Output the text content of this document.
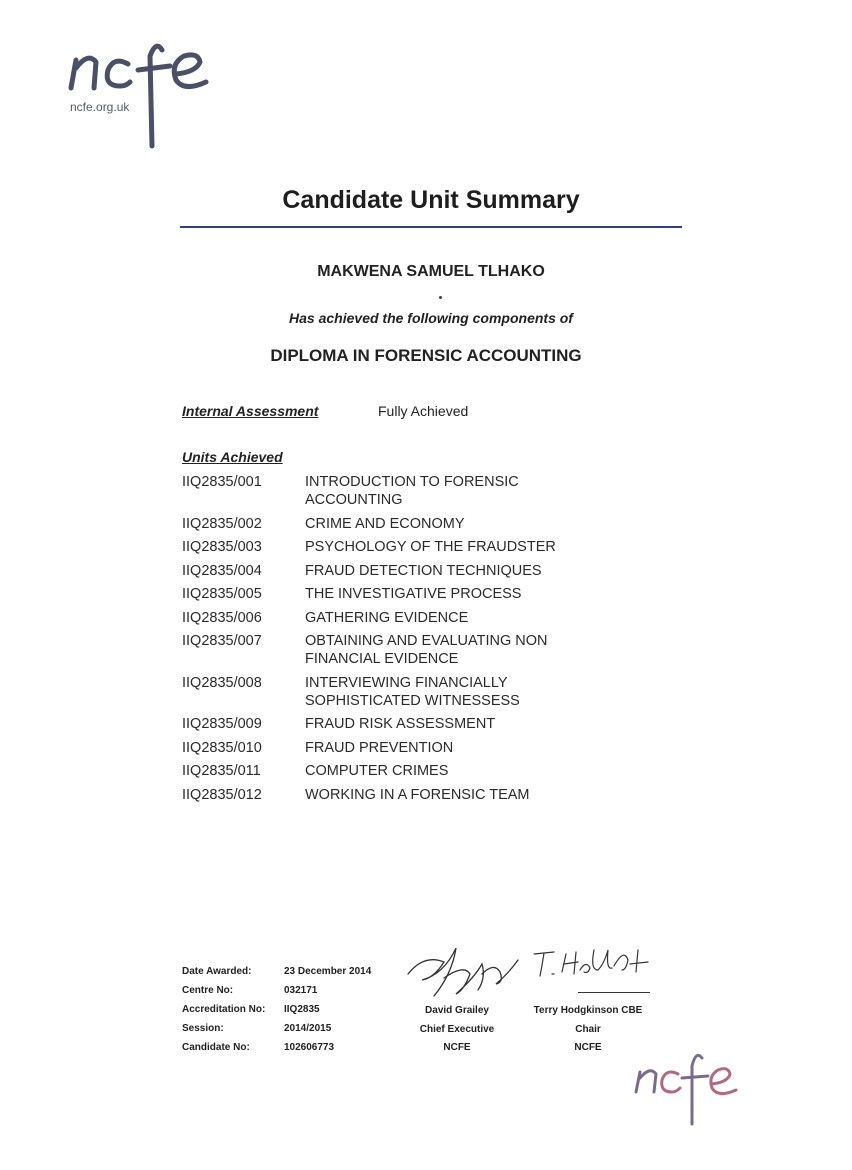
ncfe.org.uk
Candidate Unit Summary
MAKWENA SAMUEL TLHAKO
Has achieved the following components of
DIPLOMA IN FORENSIC ACCOUNTING
Internal Assessment	Fully Achieved
Units Achieved
IIQ2835/001	INTRODUCTION TO FORENSIC ACCOUNTING
IIQ2835/002	CRIME AND ECONOMY
IIQ2835/003	PSYCHOLOGY OF THE FRAUDSTER
IIQ2835/004	FRAUD DETECTION TECHNIQUES
IIQ2835/005	THE INVESTIGATIVE PROCESS
IIQ2835/006	GATHERING EVIDENCE
IIQ2835/007	OBTAINING AND EVALUATING NON FINANCIAL EVIDENCE
IIQ2835/008	INTERVIEWING FINANCIALLY SOPHISTICATED WITNESSESS
IIQ2835/009	FRAUD RISK ASSESSMENT
IIQ2835/010	FRAUD PREVENTION
IIQ2835/011	COMPUTER CRIMES
IIQ2835/012	WORKING IN A FORENSIC TEAM
Date Awarded:	23 December 2014
Centre No:	032171
Accreditation No:	IIQ2835
Session:	2014/2015
Candidate No:	102606773
David Grailey
Chief Executive
NCFE
Terry Hodgkinson CBE
Chair
NCFE
